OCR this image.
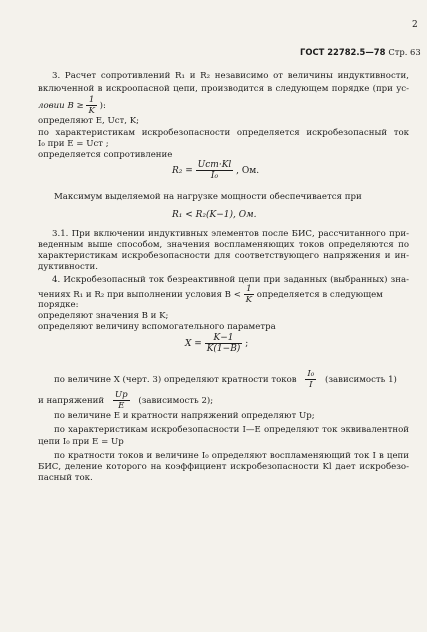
ГОСТ 22782.5—78 Стр. 63
2
3. Расчет сопротивлений R₁ и R₂ независимо от величины индуктивности,
включенной в искроопасной цепи, производится в следующем порядке (при ус-
ловии $B \ge \frac{1}{K}$ ):
определяют E, Uст, K;
по характеристикам искробезопасности определяется искробезопасный ток
I₀ при E = Uст ;
определяется сопротивление
$R_2 = \frac{\text{Uст·Kl}}{\text{I₀}}$ , Ом.
Максимум выделяемой на нагрузке мощности обеспечивается при
R₁ < R₂(K−1), Ом.
3.1. При включении индуктивных элементов после БИС, рассчитанного при-
веденным выше способом, значения воспламеняющих токов определяются по
характеристикам искробезопасности для соответствующего напряжения и ин-
дуктивности.
4. Искробезопасный ток безреактивной цепи при заданных (выбранных) зна-
чениях R₁ и R₂ при выполнении условия $B < \frac{1}{K}$ определяется в следующем
порядке:
определяют значения B и K;
определяют величину вспомогательного параметра
$X = \frac{K-1}{K(1-B)}$ ;
по величине X (черт. 3) определяют кратности токов $\frac{\text{I₀}}{I}$ (зависимость 1)
и напряжений $\frac{Up}{E}$ (зависимость 2);
по величине E и кратности напряжений определяют Up;
по характеристикам искробезопасности I—E определяют ток эквивалентной
цепи I₀ при E = Up
по кратности токов и величине I₀ определяют воспламеняющий ток I в цепи
БИС, деление которого на коэффициент искробезопасности Kl дает искробезо-
пасный ток.
